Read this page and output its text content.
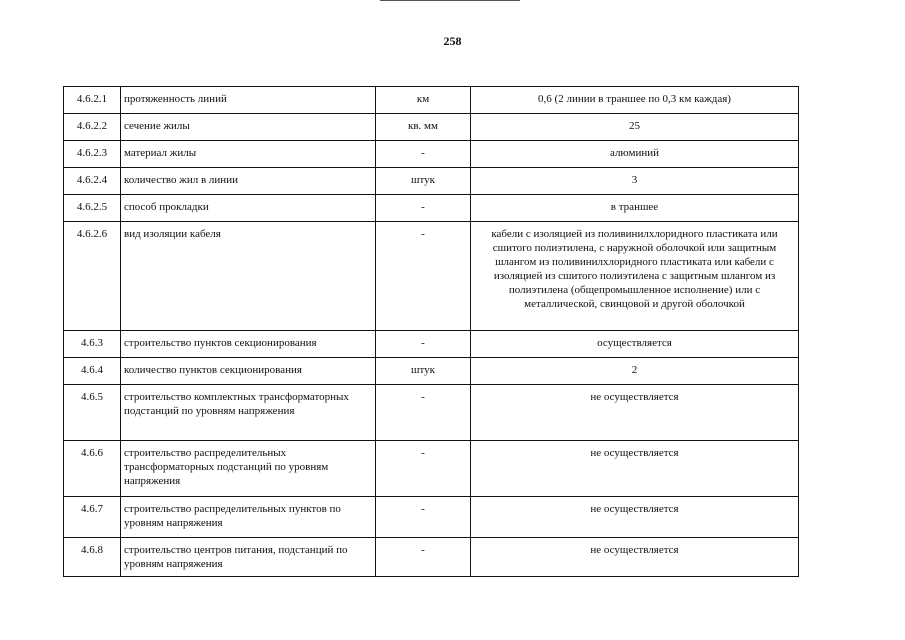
258
4.6.2.1	протяженность линий	км	0,6 (2 линии в траншее по 0,3 км каждая)
4.6.2.2	сечение жилы	кв. мм	25
4.6.2.3	материал жилы	-	алюминий
4.6.2.4	количество жил в линии	штук	3
4.6.2.5	способ прокладки	-	в траншее
4.6.2.6	вид изоляции кабеля	-	кабели с изоляцией из поливинилхлоридного пластиката или сшитого полиэтилена, с наружной оболочкой или защитным шлангом из поливинилхлоридного пластиката или кабели с изоляцией из сшитого полиэтилена с защитным шлангом из полиэтилена (общепромышленное исполнение) или с металлической, свинцовой и другой оболочкой
4.6.3	строительство пунктов секционирования	-	осуществляется
4.6.4	количество пунктов секционирования	штук	2
4.6.5	строительство комплектных трансформаторных подстанций по уровням напряжения	-	не осуществляется
4.6.6	строительство распределительных трансформаторных подстанций по уровням напряжения	-	не осуществляется
4.6.7	строительство распределительных пунктов по уровням напряжения	-	не осуществляется
4.6.8	строительство центров питания, подстанций по уровням напряжения	-	не осуществляется
